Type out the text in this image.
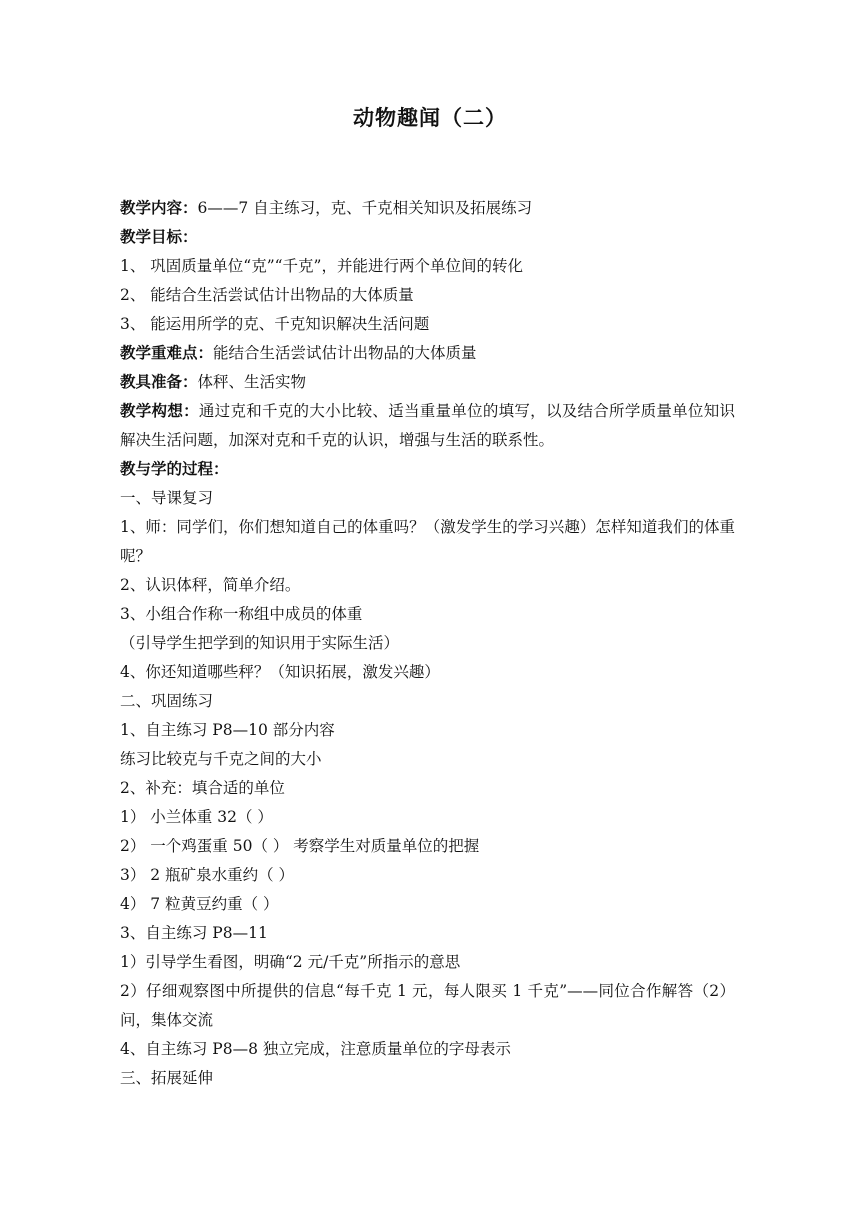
动物趣闻（二）
教学内容：6——7 自主练习，克、千克相关知识及拓展练习
教学目标：
1、 巩固质量单位“克”“千克”，并能进行两个单位间的转化
2、 能结合生活尝试估计出物品的大体质量
3、 能运用所学的克、千克知识解决生活问题
教学重难点：能结合生活尝试估计出物品的大体质量
教具准备：体秤、生活实物
教学构想：通过克和千克的大小比较、适当重量单位的填写，以及结合所学质量单位知识解决生活问题，加深对克和千克的认识，增强与生活的联系性。
教与学的过程：
一、导课复习
1、师：同学们，你们想知道自己的体重吗？（激发学生的学习兴趣）怎样知道我们的体重呢？
2、认识体秤，简单介绍。
3、小组合作称一称组中成员的体重
（引导学生把学到的知识用于实际生活）
4、你还知道哪些秤？（知识拓展，激发兴趣）
二、巩固练习
1、自主练习 P8—10 部分内容
练习比较克与千克之间的大小
2、补充：填合适的单位
1） 小兰体重 32（ ）
2） 一个鸡蛋重 50（ ） 考察学生对质量单位的把握
3） 2 瓶矿泉水重约（ ）
4） 7 粒黄豆约重（ ）
3、自主练习 P8—11
1）引导学生看图，明确“2 元/千克”所指示的意思
2）仔细观察图中所提供的信息“每千克 1 元，每人限买 1 千克”——同位合作解答（2）问，集体交流
4、自主练习 P8—8 独立完成，注意质量单位的字母表示
三、拓展延伸
